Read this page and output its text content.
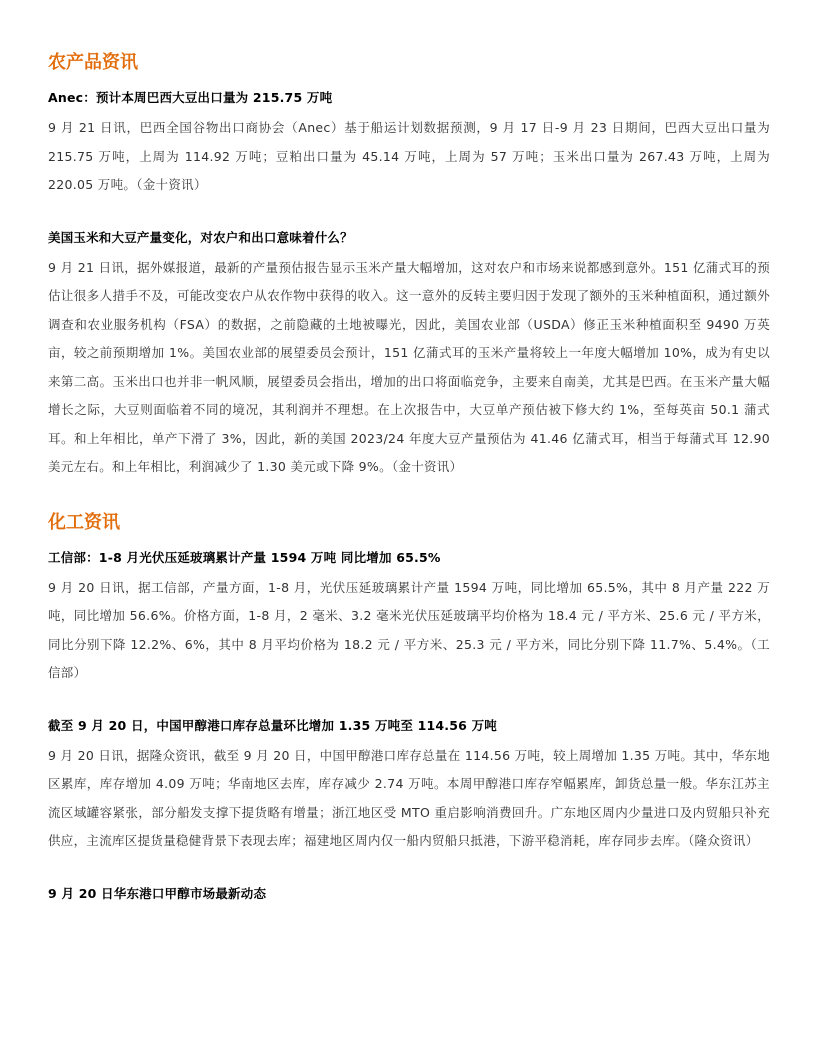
农产品资讯
Anec：预计本周巴西大豆出口量为 215.75 万吨

9 月 21 日讯，巴西全国谷物出口商协会（Anec）基于船运计划数据预测，9 月 17 日-9 月 23 日期间，巴西大豆出口量为 215.75 万吨，上周为 114.92 万吨；豆粕出口量为 45.14 万吨，上周为 57 万吨；玉米出口量为 267.43 万吨，上周为 220.05 万吨。（金十资讯）

美国玉米和大豆产量变化，对农户和出口意味着什么？

9 月 21 日讯，据外媒报道，最新的产量预估报告显示玉米产量大幅增加，这对农户和市场来说都感到意外。151 亿蒲式耳的预估让很多人措手不及，可能改变农户从农作物中获得的收入。这一意外的反转主要归因于发现了额外的玉米种植面积，通过额外调查和农业服务机构（FSA）的数据，之前隐藏的土地被曝光，因此，美国农业部（USDA）修正玉米种植面积至 9490 万英亩，较之前预期增加 1%。美国农业部的展望委员会预计，151 亿蒲式耳的玉米产量将较上一年度大幅增加 10%，成为有史以来第二高。玉米出口也并非一帆风顺，展望委员会指出，增加的出口将面临竞争，主要来自南美，尤其是巴西。在玉米产量大幅增长之际，大豆则面临着不同的境况，其利润并不理想。在上次报告中，大豆单产预估被下修大约 1%，至每英亩 50.1 蒲式耳。和上年相比，单产下滑了 3%，因此，新的美国 2023/24 年度大豆产量预估为 41.46 亿蒲式耳，相当于每蒲式耳 12.90 美元左右。和上年相比，利润减少了 1.30 美元或下降 9%。（金十资讯）

化工资讯
工信部：1-8 月光伏压延玻璃累计产量 1594 万吨 同比增加 65.5%

9 月 20 日讯，据工信部，产量方面，1-8 月，光伏压延玻璃累计产量 1594 万吨，同比增加 65.5%，其中 8 月产量 222 万吨，同比增加 56.6%。价格方面，1-8 月，2 毫米、3.2 毫米光伏压延玻璃平均价格为 18.4 元 / 平方米、25.6 元 / 平方米，同比分别下降 12.2%、6%，其中 8 月平均价格为 18.2 元 / 平方米、25.3 元 / 平方米，同比分别下降 11.7%、5.4%。（工信部）

截至 9 月 20 日，中国甲醇港口库存总量环比增加 1.35 万吨至 114.56 万吨

9 月 20 日讯，据隆众资讯，截至 9 月 20 日，中国甲醇港口库存总量在 114.56 万吨，较上周增加 1.35 万吨。其中，华东地区累库，库存增加 4.09 万吨；华南地区去库，库存减少 2.74 万吨。本周甲醇港口库存窄幅累库，卸货总量一般。华东江苏主流区域罐容紧张，部分船发支撑下提货略有增量；浙江地区受 MTO 重启影响消费回升。广东地区周内少量进口及内贸船只补充供应，主流库区提货量稳健背景下表现去库；福建地区周内仅一船内贸船只抵港，下游平稳消耗，库存同步去库。（隆众资讯）

9 月 20 日华东港口甲醇市场最新动态
